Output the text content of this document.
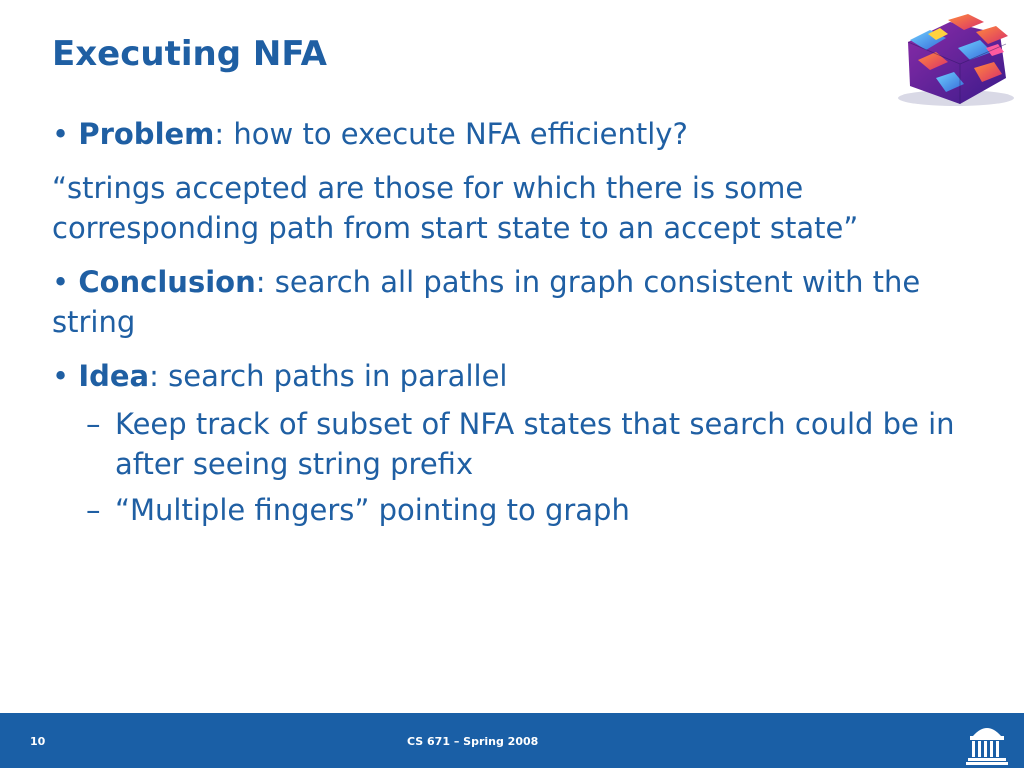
Executing NFA

• Problem: how to execute NFA efficiently?

“strings accepted are those for which there is some corresponding path from start state to an accept state”

• Conclusion: search all paths in graph consistent with the string

• Idea: search paths in parallel

– Keep track of subset of NFA states that search could be in after seeing string prefix
– “Multiple fingers” pointing to graph
10	CS 671 – Spring 2008
